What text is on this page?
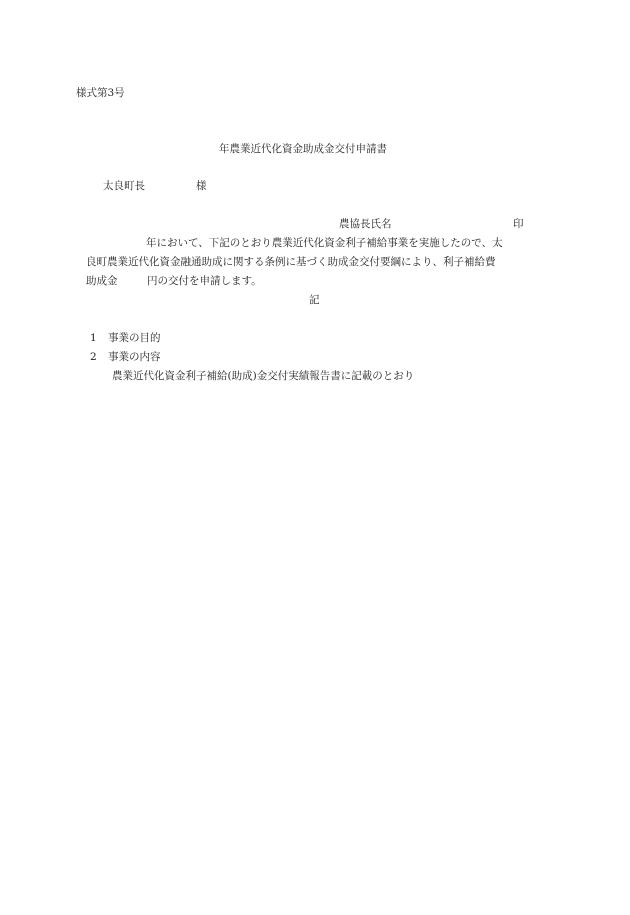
様式第3号
年農業近代化資金助成金交付申請書
太良町長	様
農協長氏名	印
年において、下記のとおり農業近代化資金利子補給事業を実施したので、太
良町農業近代化資金融通助成に関する条例に基づく助成金交付要綱により、利子補給費
助成金	円の交付を申請します。
記
1 事業の目的
2 事業の内容
農業近代化資金利子補給(助成)金交付実績報告書に記載のとおり
